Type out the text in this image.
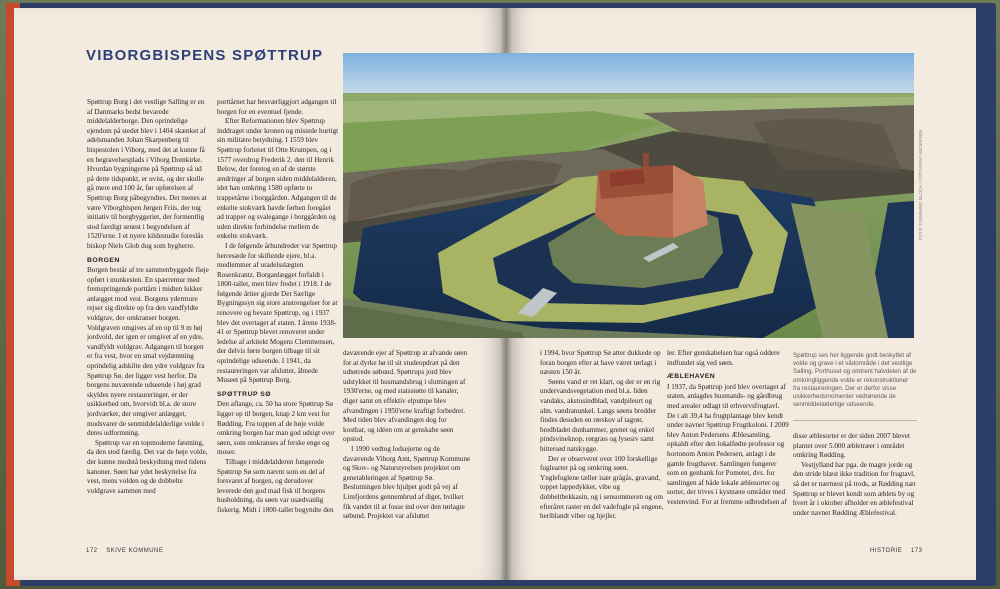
VIBORGBISPENS SPØTTRUP

Spøttrup Borg i det vestlige Salling er en af Danmarks bedst bevarede middelalderborge. Den oprindelige ejendom på stedet blev i 1404 skænket af adelsmanden Johan Skarpenberg til bispestolen i Viborg, med det at kunne få en begravelsesplads i Viborg Domkirke. Hvordan bygningerne på Spøttrup så ud på dette tidspunkt, er uvist, og der skulle gå mere end 100 år, før opførelsen af Spøttrup Borg påbegyndtes. Det menes at være Viborgbispen Jørgen Friis, der tog initiativ til borgbyggeriet, der formentlig stod færdigt senest i begyndelsen af 1520'erne. I et nyere kildestudie foreslås biskop Niels Glob dog som bygherre.

BORGEN

Borgen består af tre sammenbyggede fløje opført i munkesten. En spærremur med fremspringende porttårn i midten lukker anlægget mod vest. Borgens ydermure rejser sig direkte op fra den vandfyldte voldgrav, der omkranser borgen. Voldgraven omgives af en op til 9 m høj jordvold, der igen er omgivet af en ydre, vandfyldt voldgrav. Adgangen til borgen er fra vest, hvor en smal vejdæmning oprindelig adskilte den ydre voldgrav fra Spøttrup Sø, der ligger vest herfor. Da borgens nuværende udseende i høj grad skyldes nyere restaureringer, er der usikkerhed om, hvorvidt bl.a. de store jordværker, der omgiver anlægget, modsvarer de senmiddelalderlige volde i deres udformning.

Spøttrup var en topmoderne fæstning, da den stod færdig. Det var de høje volde, der kunne modstå beskydning med tidens kanoner. Søen har ydet beskyttelse fra vest, mens volden og de dobbelte voldgrave sammen med

porttårnet har besværliggjort adgangen til borgen for en eventuel fjende.

Efter Reformationen blev Spøttrup inddraget under kronen og mistede hurtigt sin militære betydning. I 1559 blev Spøttrup forlenet til Otte Krumpen, og i 1577 overdrog Frederik 2. den til Henrik Below, der foretog en af de største ændringer af borgen siden middelalderen, idet han omkring 1580 opførte to trappetårne i borggården. Adgangen til de enkelte stokværk havde førhen foregået ad trapper og svalegange i borggården og uden direkte forbindelse mellem de enkelte stokværk.

I de følgende århundreder var Spøttrup herresæde for skiftende ejere, bl.a. medlemmer af uradelsslægten Rosenkrantz. Borganlægget forfaldt i 1800-tallet, men blev fredet i 1918. I de følgende årtier gjorde Det Særlige Bygningssyn sig store anstrengelser for at renovere og bevare Spøttrup, og i 1937 blev det overtaget af staten. I årene 1938-41 er Spøttrup blevet renoveret under ledelse af arkitekt Mogens Clemmensen, der delvis førte borgen tilbage til sit oprindelige udseende. I 1941, da restaureringen var afsluttet, åbnede Museet på Spøttrup Borg.

SPØTTRUP SØ

Den aflange, ca. 50 ha store Spøttrup Sø ligger op til borgen, knap 2 km vest for Rødding. Fra toppen af de høje volde omkring borgen har man god udsigt over søen, som omkranses af ferske enge og moser.

Tilbage i middelalderen fungerede Spøttrup Sø som nævnt som en del af forsvaret af borgen, og derudover leverede den god mad fisk til borgens husholdning, da søen var usædvanlig fiskerig. Midt i 1800-tallet begyndte den

daværende ejer af Spøttrup at afvande søen for at dyrke hø til sit studeopdræt på den udtørrede søbund. Spøttrups jord blev udstykket til husmandsbrug i slutningen af 1930'erne, og med statsstøtte til kanaler, diger samt en effektiv elpumpe blev afvandingen i 1950'erne kraftigt forbedret. Med tiden blev afvandingen dog for kostbar, og idéen om at genskabe søen opstod.

I 1990 vedtog lodsejerne og de daværende Viborg Amt, Spøttrup Kommune og Skov- og Naturstyrelsen projektet om genetableringen af Spøttrup Sø. Beslutningen blev hjulpet godt på vej af Limfjordens gennembrud af diget, hvilket fik vandet til at fosse ind over den tørlagte søbund. Projektet var afsluttet

i 1994, hvor Spøttrup Sø atter dukkede op foran borgen efter at have været tørlagt i næsten 150 år.

Søens vand er ret klart, og der er en rig undervandsvegetation med bl.a. liden vandaks, akstusindblad, vandpileurt og alm. vandranunkel. Langs søens bredder findes desuden en rørskov af tagrør, bredbladet dunhammer, grenet og enkel pindsvineknop, rørgræs og lysesiv samt bittersød natskygge.

Der er observeret over 100 forskellige fuglearter på og omkring søen. Ynglefuglene tæller især grågås, gravand, toppet lappedykker, vibe og dobbeltbekkasin, og i sensommeren og om efteråret raster en del vadefugle på engene, heriblandt viber og hjejler.

ler. Efter genskabelsen har også oddere indfundet sig ved søen.

ÆBLEHAVEN

I 1937, da Spøttrup jord blev overtaget af staten, anlagdes husmands- og gårdbrug med arealer udlagt til erhvervsfrugtavl. De i alt 39,4 ha frugtplantage blev kendt under navnet Spøttrup Frugtkoloni. I 2009 blev Anton Pedersens Æblesamling, opkaldt efter den lokalfødte professor og hortonom Anton Pedersen, anlagt i de gamle frugthaver. Samlingen fungerer som en genbank for Pometet, dvs. for samlingen af både lokale æblesorter og sorter, der trives i kystnære områder med vestenvind. For at fremme udbredelsen af

Spøttrup ses her liggende godt beskyttet af volde og grave i et vådområde i det vestlige Salling. Porthuset og omtrent halvdelen af de omkringliggende volde er rekonstruktioner fra restaureringen. Der er derfor visse usikkerhedsmomenter vedrørende de senmiddelalderlige udseende.

disse æblesorter er der siden 2007 blevet plantet over 5.000 æbletræer i området omkring Rødding.

Vestjylland har pga. de magre jorde og den stride blæst ikke tradition for frugtavl, så det er nærmest på trods, at Rødding nær Spøttrup er blevet kendt som æblets by og hvert år i oktober afholder en æblefestival under navnet Rødding Æblefestival.

FOTO: FLEMMING BLOCH / FOTOGRAF ANDERSEN
172 SKIVE KOMMUNE	HISTORIE 173
